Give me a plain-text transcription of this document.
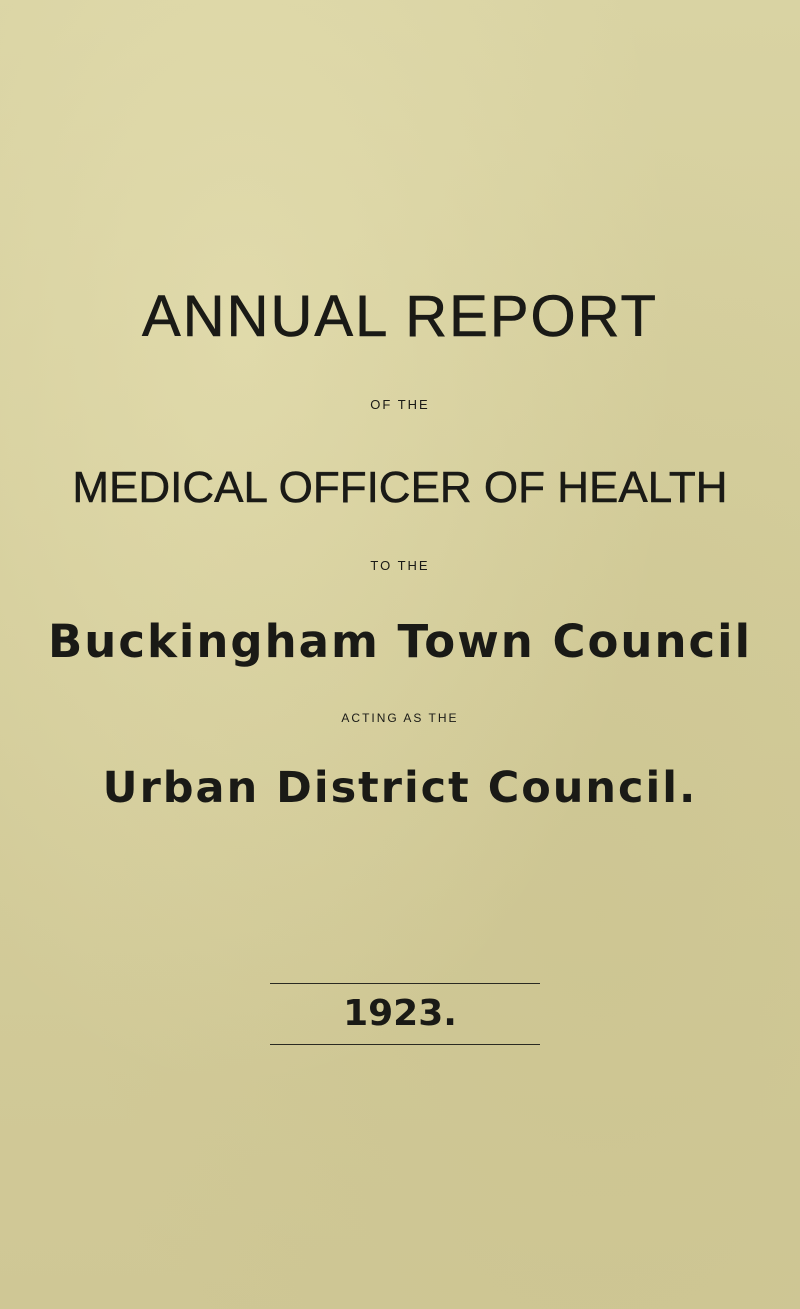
ANNUAL REPORT
OF THE
MEDICAL OFFICER OF HEALTH
TO THE
Buckingham Town Council
ACTING AS THE
Urban District Council.
1923.
